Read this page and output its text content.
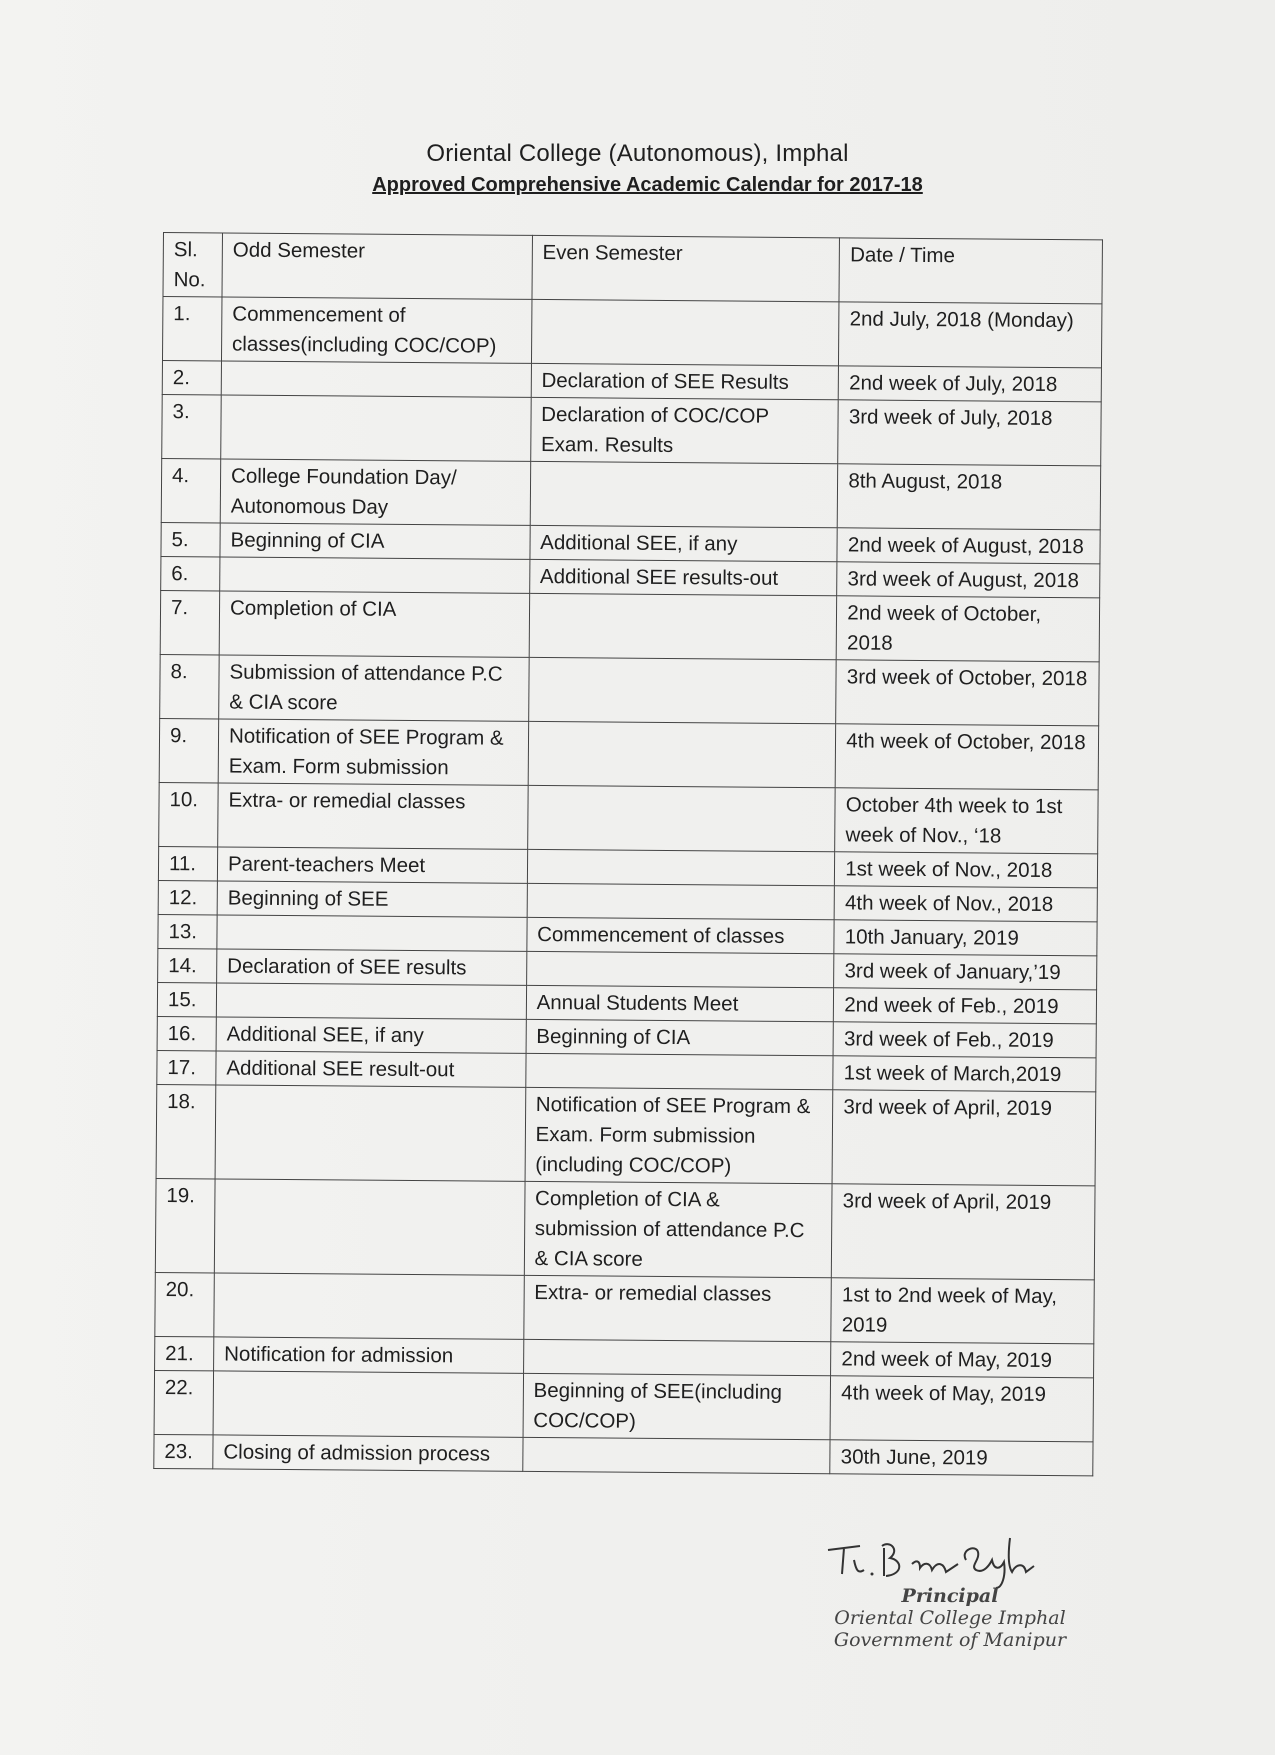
Oriental College (Autonomous), Imphal
Approved Comprehensive Academic Calendar for 2017-18
Sl. No.	Odd Semester	Even Semester	Date / Time
1.	Commencement of classes(including COC/COP)		2nd July, 2018 (Monday)
2.		Declaration of SEE Results	2nd week of July, 2018
3.		Declaration of COC/COP Exam. Results	3rd week of July, 2018
4.	College Foundation Day/ Autonomous Day		8th August, 2018
5.	Beginning of CIA	Additional SEE, if any	2nd week of August, 2018
6.		Additional SEE results-out	3rd week of August, 2018
7.	Completion of CIA		2nd week of October, 2018
8.	Submission of attendance P.C & CIA score		3rd week of October, 2018
9.	Notification of SEE Program & Exam. Form submission		4th week of October, 2018
10.	Extra- or remedial classes		October 4th week to 1st week of Nov., ‘18
11.	Parent-teachers Meet		1st week of Nov., 2018
12.	Beginning of SEE		4th week of Nov., 2018
13.		Commencement of classes	10th January, 2019
14.	Declaration of SEE results		3rd week of January,’19
15.		Annual Students Meet	2nd week of Feb., 2019
16.	Additional SEE, if any	Beginning of CIA	3rd week of Feb., 2019
17.	Additional SEE result-out		1st week of March,2019
18.		Notification of SEE Program & Exam. Form submission (including COC/COP)	3rd week of April, 2019
19.		Completion of CIA & submission of attendance P.C & CIA score	3rd week of April, 2019
20.		Extra- or remedial classes	1st to 2nd week of May, 2019
21.	Notification for admission		2nd week of May, 2019
22.		Beginning of SEE(including COC/COP)	4th week of May, 2019
23.	Closing of admission process		30th June, 2019
Principal
Oriental College Imphal
Government of Manipur
